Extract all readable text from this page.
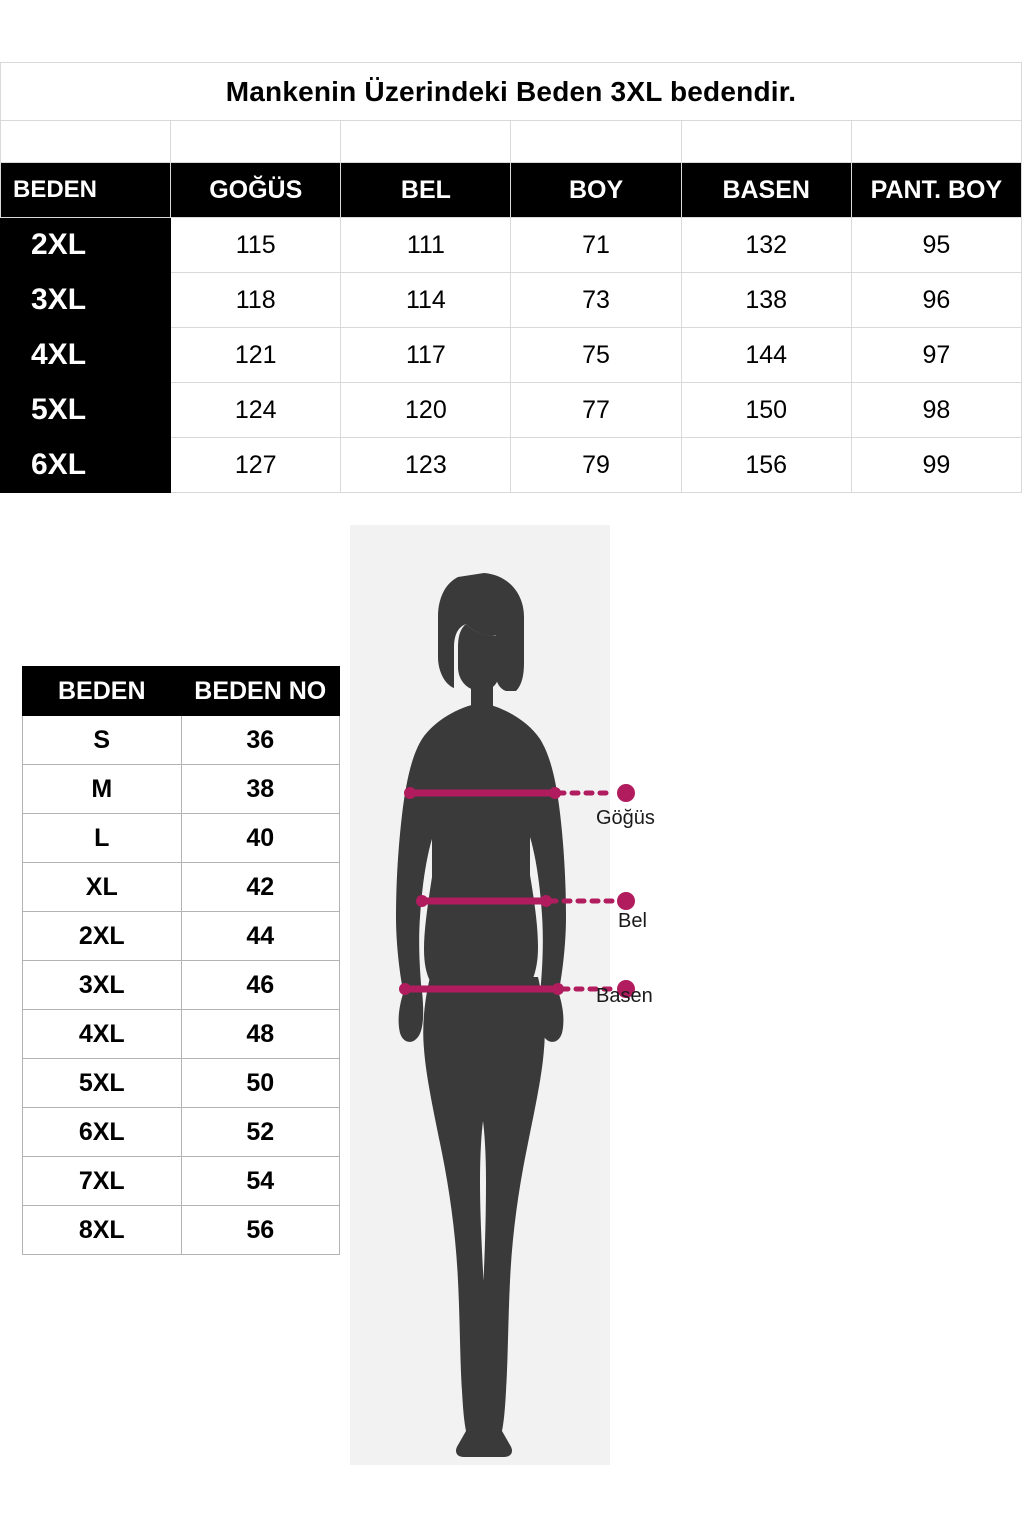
Mankenin Üzerindeki Beden 3XL bedendir.					

BEDEN	GOĞÜS	BEL	BOY	BASEN	PANT. BOY
2XL	115	111	71	132	95
3XL	118	114	73	138	96
4XL	121	117	75	144	97
5XL	124	120	77	150	98
6XL	127	123	79	156	99
BEDEN	BEDEN NO
S	36
M	38
L	40
XL	42
2XL	44
3XL	46
4XL	48
5XL	50
6XL	52
7XL	54
8XL	56
Göğüs
Bel
Basen
